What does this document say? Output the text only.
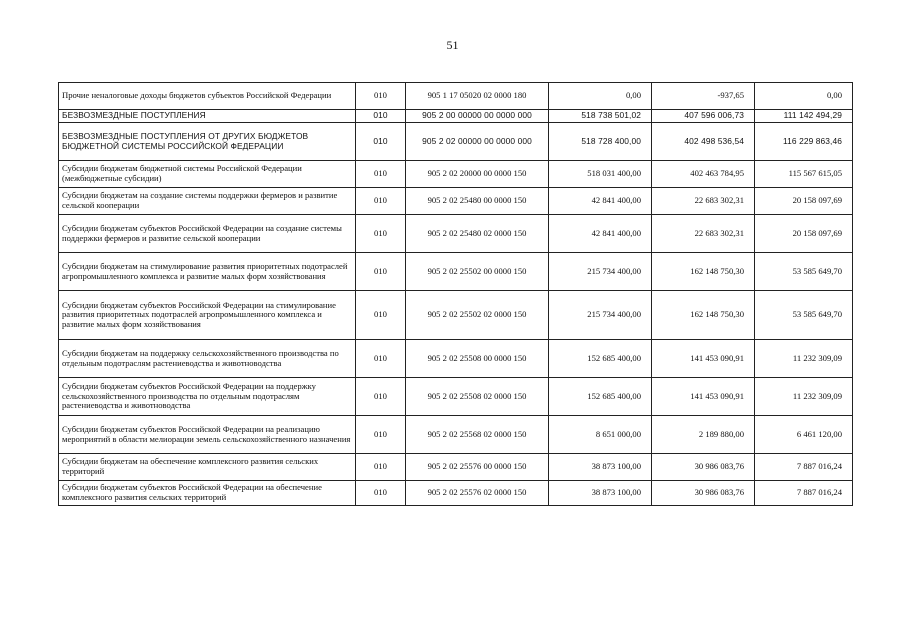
51
Прочие неналоговые доходы бюджетов субъектов Российской Федерации	010	905 1 17 05020 02 0000 180	0,00	-937,65	0,00
БЕЗВОЗМЕЗДНЫЕ ПОСТУПЛЕНИЯ	010	905 2 00 00000 00 0000 000	518 738 501,02	407 596 006,73	111 142 494,29
БЕЗВОЗМЕЗДНЫЕ ПОСТУПЛЕНИЯ ОТ ДРУГИХ БЮДЖЕТОВ БЮДЖЕТНОЙ СИСТЕМЫ РОССИЙСКОЙ ФЕДЕРАЦИИ	010	905 2 02 00000 00 0000 000	518 728 400,00	402 498 536,54	116 229 863,46
Субсидии бюджетам бюджетной системы Российской Федерации (межбюджетные субсидии)	010	905 2 02 20000 00 0000 150	518 031 400,00	402 463 784,95	115 567 615,05
Субсидии бюджетам на создание системы поддержки фермеров и развитие сельской кооперации	010	905 2 02 25480 00 0000 150	42 841 400,00	22 683 302,31	20 158 097,69
Субсидии бюджетам субъектов Российской Федерации на создание системы поддержки фермеров и развитие сельской кооперации	010	905 2 02 25480 02 0000 150	42 841 400,00	22 683 302,31	20 158 097,69
Субсидии бюджетам на стимулирование развития приоритетных подотраслей агропромышленного комплекса и развитие малых форм хозяйствования	010	905 2 02 25502 00 0000 150	215 734 400,00	162 148 750,30	53 585 649,70
Субсидии бюджетам субъектов Российской Федерации на стимулирование развития приоритетных подотраслей агропромышленного комплекса и развитие малых форм хозяйствования	010	905 2 02 25502 02 0000 150	215 734 400,00	162 148 750,30	53 585 649,70
Субсидии бюджетам на поддержку сельскохозяйственного производства по отдельным подотраслям растениеводства и животноводства	010	905 2 02 25508 00 0000 150	152 685 400,00	141 453 090,91	11 232 309,09
Субсидии бюджетам субъектов Российской Федерации на поддержку сельскохозяйственного производства по отдельным подотраслям растениеводства и животноводства	010	905 2 02 25508 02 0000 150	152 685 400,00	141 453 090,91	11 232 309,09
Субсидии бюджетам субъектов Российской Федерации на реализацию мероприятий в области мелиорации земель сельскохозяйственного назначения	010	905 2 02 25568 02 0000 150	8 651 000,00	2 189 880,00	6 461 120,00
Субсидии бюджетам на обеспечение комплексного развития сельских территорий	010	905 2 02 25576 00 0000 150	38 873 100,00	30 986 083,76	7 887 016,24
Субсидии бюджетам субъектов Российской Федерации на обеспечение комплексного развития сельских территорий	010	905 2 02 25576 02 0000 150	38 873 100,00	30 986 083,76	7 887 016,24
